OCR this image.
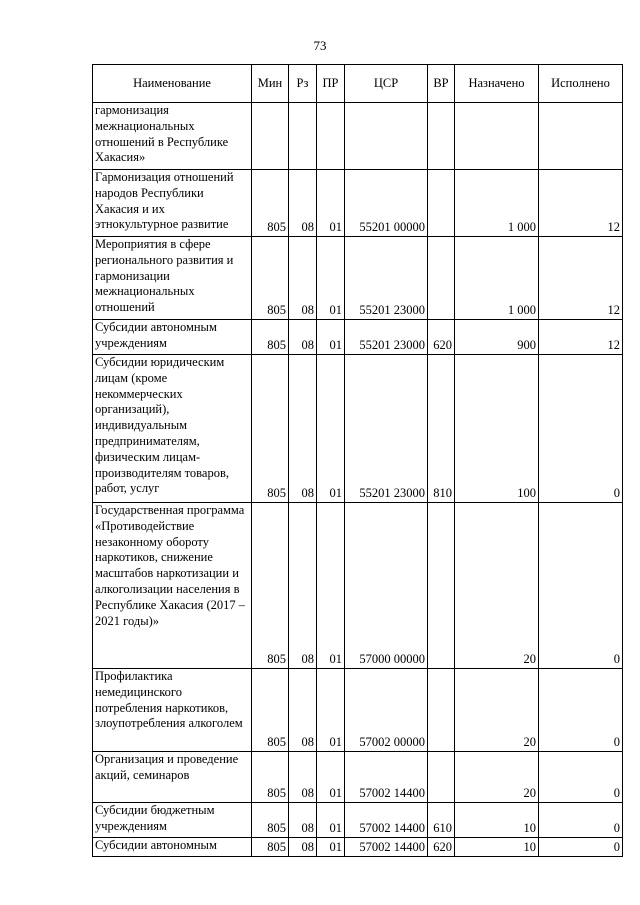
73
Наименование	Мин	Рз	ПР	ЦСР	ВР	Назначено	Исполнено
гармонизация межнациональных отношений в Республике Хакасия»							
Гармонизация отношений народов Республики Хакасия и их этнокультурное развитие	805	08	01	55201 00000		1 000	12
Мероприятия в сфере регионального развития и гармонизации межнациональных отношений	805	08	01	55201 23000		1 000	12
Субсидии автономным учреждениям	805	08	01	55201 23000	620	900	12
Субсидии юридическим лицам (кроме некоммерческих организаций), индивидуальным предпринимателям, физическим лицам-производителям товаров, работ, услуг	805	08	01	55201 23000	810	100	0
Государственная программа «Противодействие незаконному обороту наркотиков, снижение масштабов наркотизации и алкоголизации населения в Республике Хакасия (2017 – 2021 годы)»	805	08	01	57000 00000		20	0
Профилактика немедицинского потребления наркотиков, злоупотребления алкоголем	805	08	01	57002 00000		20	0
Организация и проведение акций, семинаров	805	08	01	57002 14400		20	0
Субсидии бюджетным учреждениям	805	08	01	57002 14400	610	10	0
Субсидии автономным	805	08	01	57002 14400	620	10	0
